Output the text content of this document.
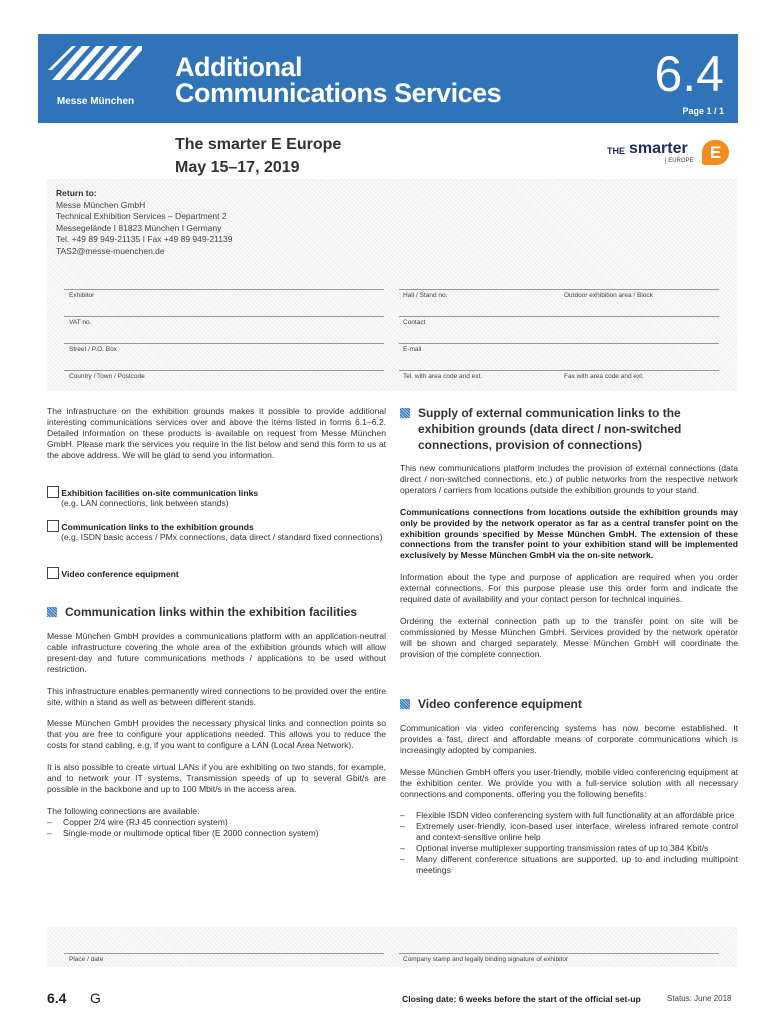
Messe München
Additional
Communications Services	6.4
Page 1 / 1
The smarter E Europe
May 15–17, 2019
THE smarter
| EUROPE E
Return to:
Messe München GmbH
Technical Exhibition Services – Department 2
Messegelände I 81823 München I Germany
Tel. +49 89 949-21135 I Fax +49 89 949-21139
TAS2@messe-muenchen.de
Exhibitor	Hall / Stand no.	Outdoor exhibition area / Block
VAT no.	Contact
Street / P.O. Box	E-mail
Country / Town / Postcode	Tel. with area code and ext.	Fax with area code and ext.

The infrastructure on the exhibition grounds makes it possible to provide additional interesting communications services over and above the items listed in forms 6.1–6.2. Detailed information on these products is available on request from Messe München GmbH. Please mark the services you require in the list below and send this form to us at the above address. We will be glad to send you information.

Exhibition facilities on-site communication links
(e.g. LAN connections, link between stands)
Communication links to the exhibition grounds
(e.g. ISDN basic access / PMx connections, data direct / standard fixed connections)
Video conference equipment
Communication links within the exhibition facilities

Messe München GmbH provides a communications platform with an application-neutral cable infrastructure covering the whole area of the exhibition grounds which will allow present-day and future communications methods / applications to be used without restriction.

This infrastructure enables permanently wired connections to be provided over the entire site, within a stand as well as between different stands.

Messe München GmbH provides the necessary physical links and connection points so that you are free to configure your applications needed. This allows you to reduce the costs for stand cabling, e.g. if you want to configure a LAN (Local Area Network).

It is also possible to create virtual LANs if you are exhibiting on two stands, for example, and to network your IT systems. Transmission speeds of up to several Gbit/s are possible in the backbone and up to 100 Mbit/s in the access area.

The following connections are available:

– Copper 2/4 wire (RJ 45 connection system)
– Single-mode or multimode optical fiber (E 2000 connection system)
Supply of external communication links to the exhibition grounds (data direct / non-switched connections, provision of connections)

This new communications platform includes the provision of external connections (data direct / non-switched connections, etc.) of public networks from the respective network operators / carriers from locations outside the exhibition grounds to your stand.

Communications connections from locations outside the exhibition grounds may only be provided by the network operator as far as a central transfer point on the exhibition grounds specified by Messe München GmbH. The extension of these connections from the transfer point to your exhibition stand will be implemented exclusively by Messe München GmbH via the on-site network.

Information about the type and purpose of application are required when you order external connections. For this purpose please use this order form and indicate the required date of availability and your contact person for technical inquiries.

Ordering the external connection path up to the transfer point on site will be commissioned by Messe München GmbH. Services provided by the network operator will be shown and charged separately. Messe München GmbH will coordinate the provision of the complete connection.

Video conference equipment

Communication via video conferencing systems has now become established. It provides a fast, direct and affordable means of corporate communications which is increasingly adopted by companies.

Messe München GmbH offers you user-friendly, mobile video conferencing equipment at the exhibition center. We provide you with a full-service solution with all necessary connections and components, offering you the following benefits:

– Flexible ISDN video conferencing system with full functionality at an affordable price
– Extremely user-friendly, icon-based user interface, wireless infrared remote control and context-sensitive online help
– Optional inverse multiplexer supporting transmission rates of up to 384 Kbit/s
– Many different conference situations are supported, up to and including multipoint meetings
Place / date	Company stamp and legally binding signature of exhibitor
6.4 G	Closing date: 6 weeks before the start of the official set-up	Status: June 2018
